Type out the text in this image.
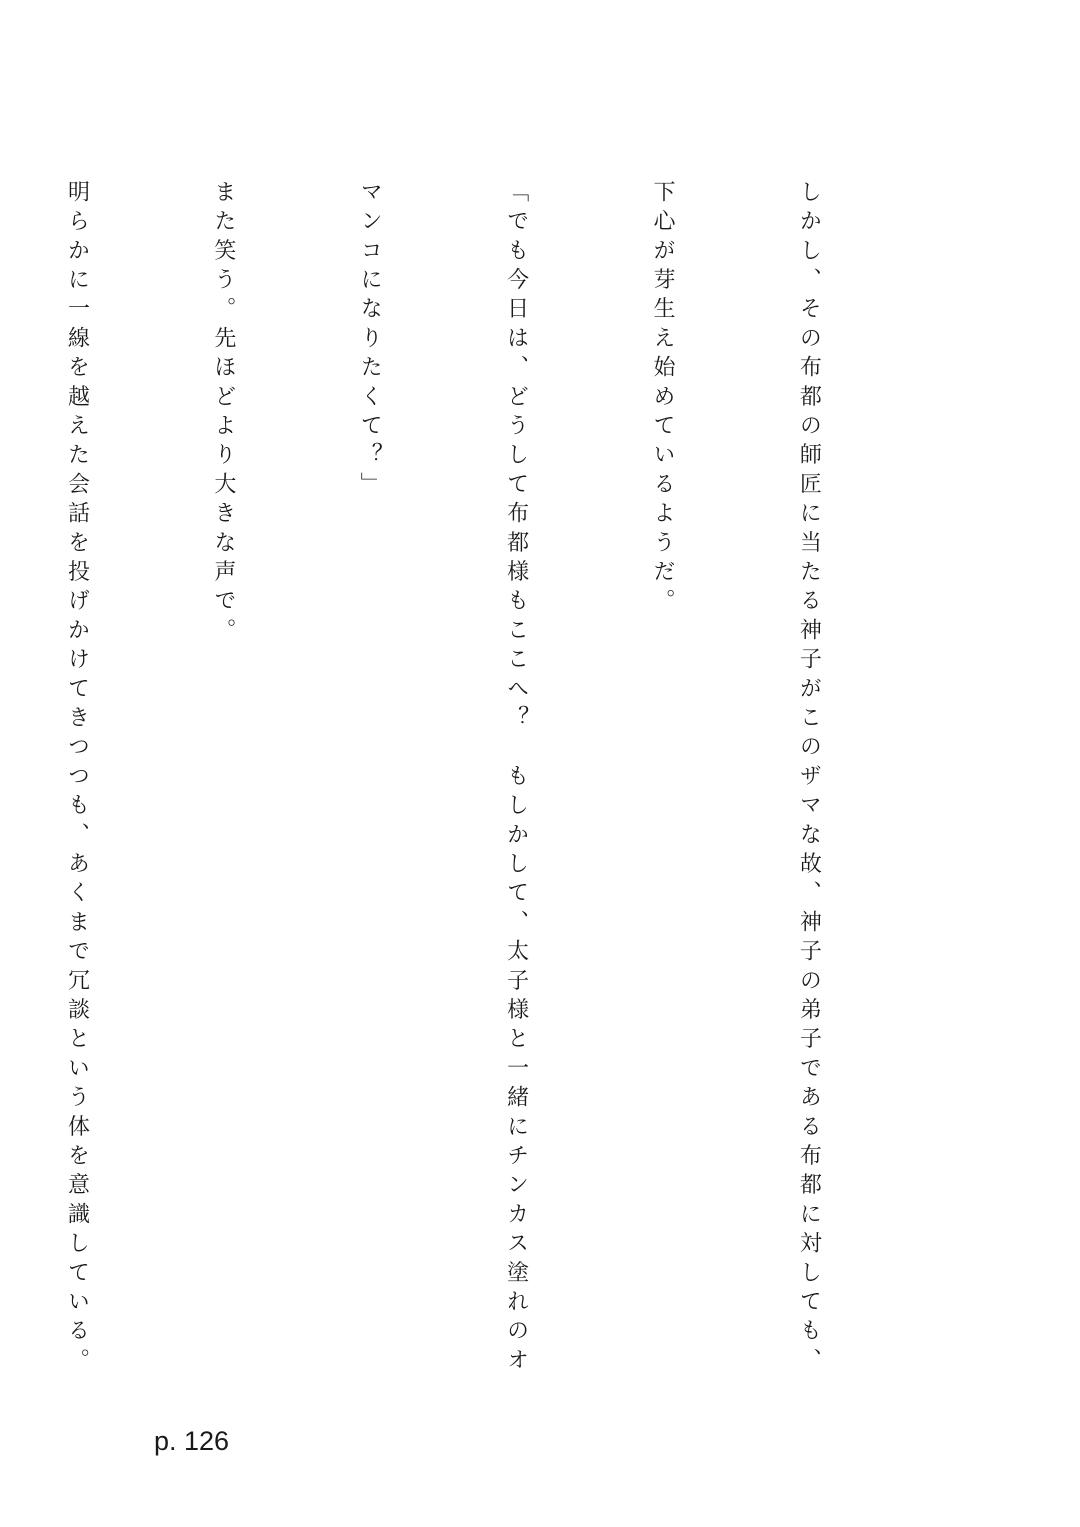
しかし、その布都の師匠に当たる神子がこのザマな故、神子の弟子である布都に対しても、

下心が芽生え始めているようだ。

「でも今日は、どうして布都様もここへ？　もしかして、太子様と一緒にチンカス塗れのオ

マンコになりたくて？」

また笑う。先ほどより大きな声で。

明らかに一線を越えた会話を投げかけてきつつも、あくまで冗談という体を意識している。

p. 126
